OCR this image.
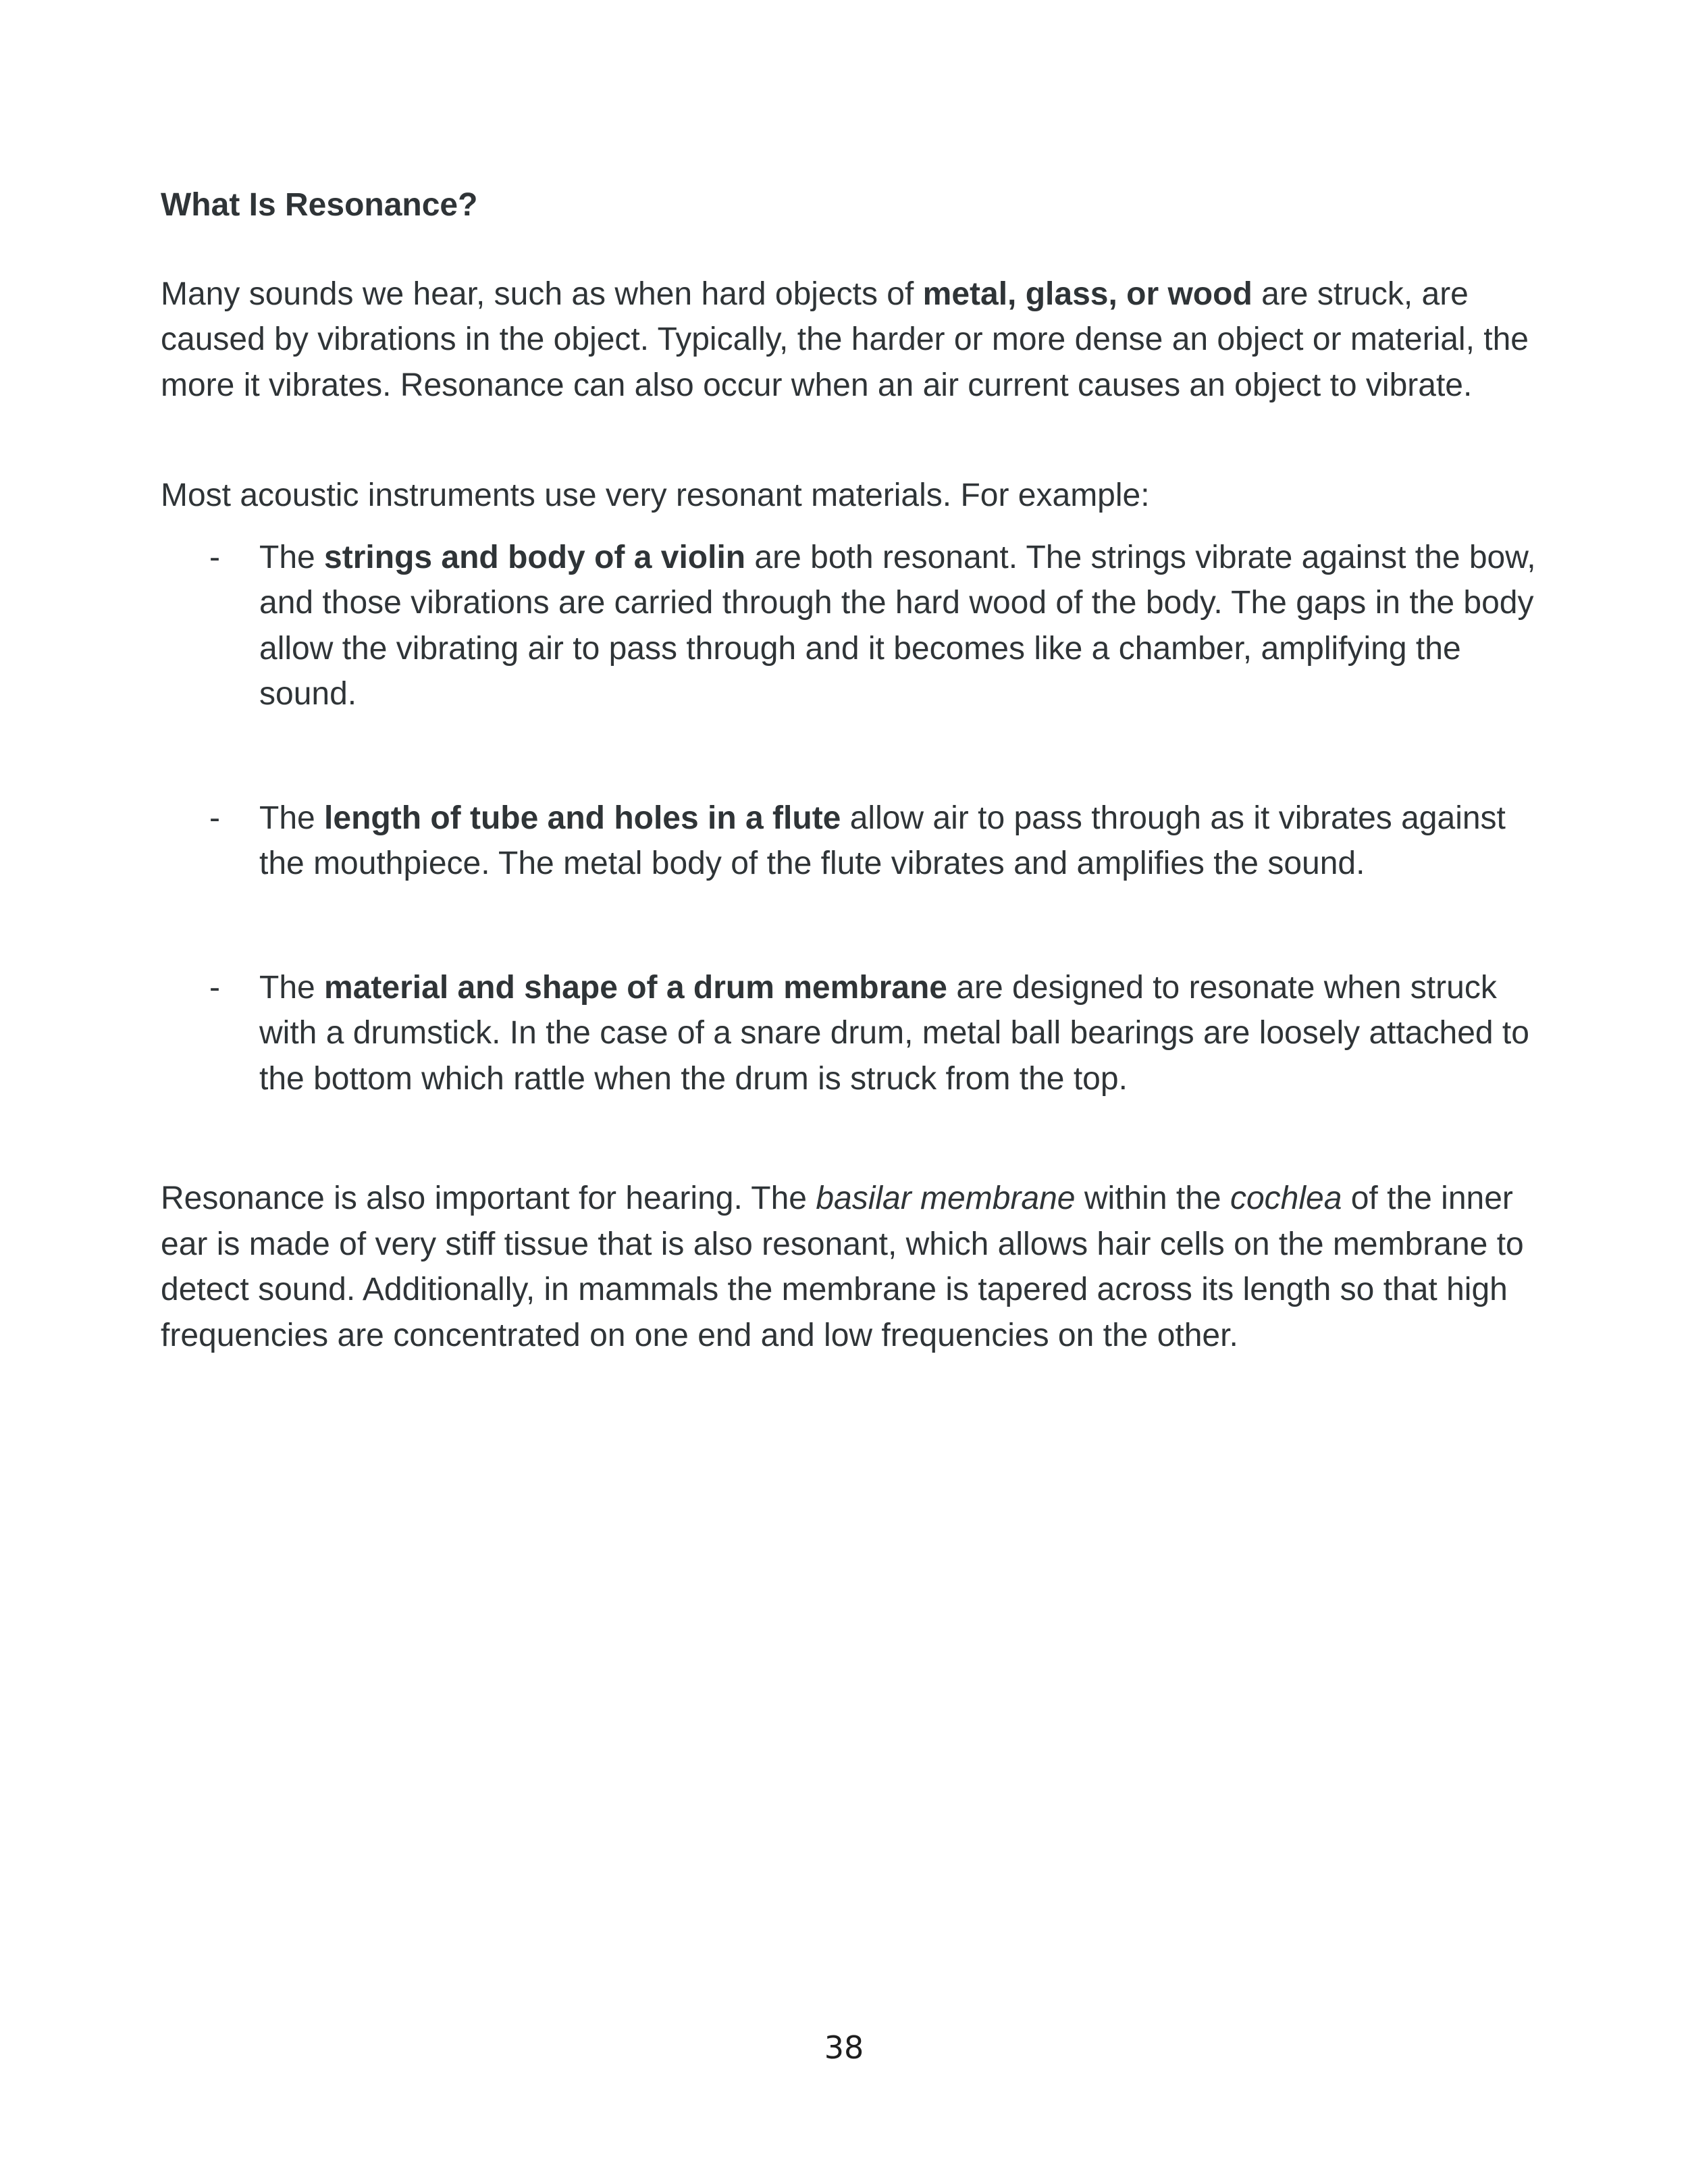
What Is Resonance?

Many sounds we hear, such as when hard objects of metal, glass, or wood are struck, are caused by vibrations in the object. Typically, the harder or more dense an object or material, the more it vibrates. Resonance can also occur when an air current causes an object to vibrate.

Most acoustic instruments use very resonant materials. For example:

- The strings and body of a violin are both resonant. The strings vibrate against the bow, and those vibrations are carried through the hard wood of the body. The gaps in the body allow the vibrating air to pass through and it becomes like a chamber, amplifying the sound.
- The length of tube and holes in a flute allow air to pass through as it vibrates against the mouthpiece. The metal body of the flute vibrates and amplifies the sound.
- The material and shape of a drum membrane are designed to resonate when struck with a drumstick. In the case of a snare drum, metal ball bearings are loosely attached to the bottom which rattle when the drum is struck from the top.

Resonance is also important for hearing. The basilar membrane within the cochlea of the inner ear is made of very stiff tissue that is also resonant, which allows hair cells on the membrane to detect sound. Additionally, in mammals the membrane is tapered across its length so that high frequencies are concentrated on one end and low frequencies on the other.

38
